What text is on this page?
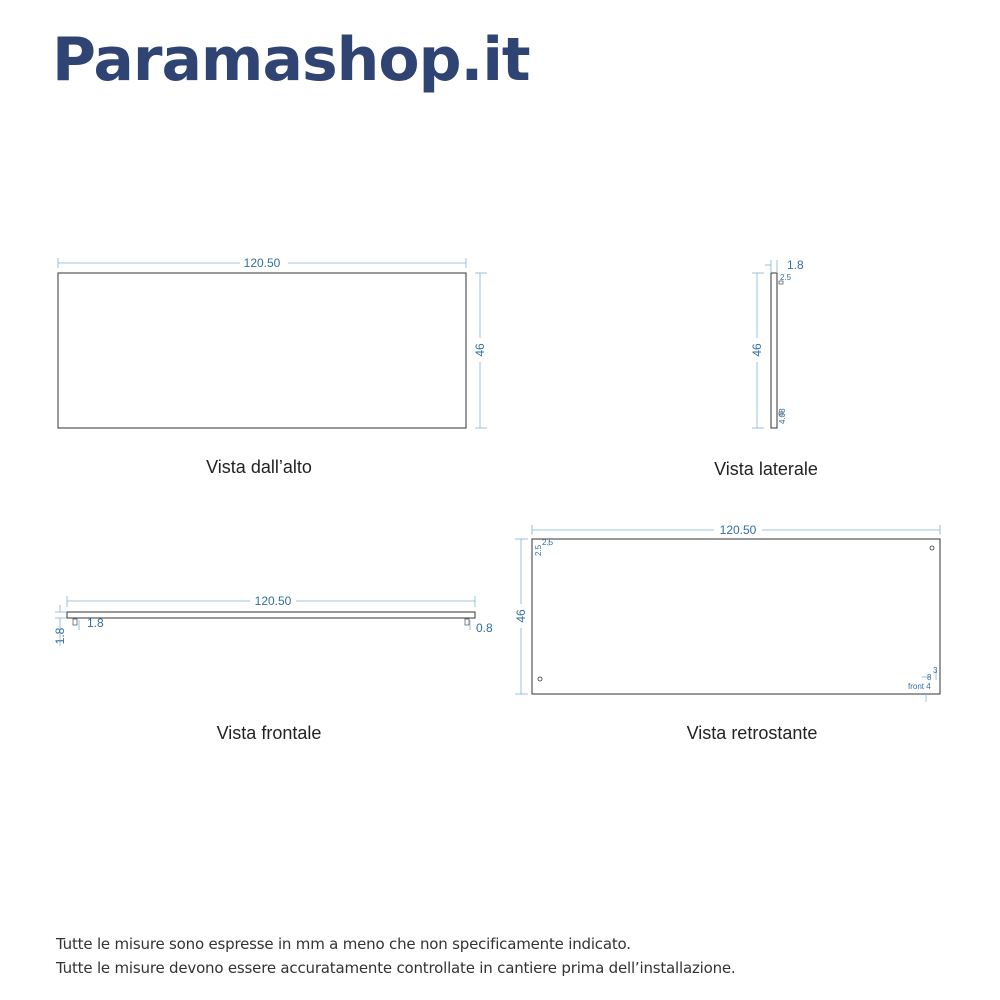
Paramashop.it
120.50
46
Vista dall’alto
1.8
2.5
4.08
46
Vista laterale
120.50
1.8
1.8	0.8
Vista frontale
120.50
46
2.5
2.5
3
8
front 4
Vista retrostante
Tutte le misure sono espresse in mm a meno che non specificamente indicato.
Tutte le misure devono essere accuratamente controllate in cantiere prima dell’installazione.
